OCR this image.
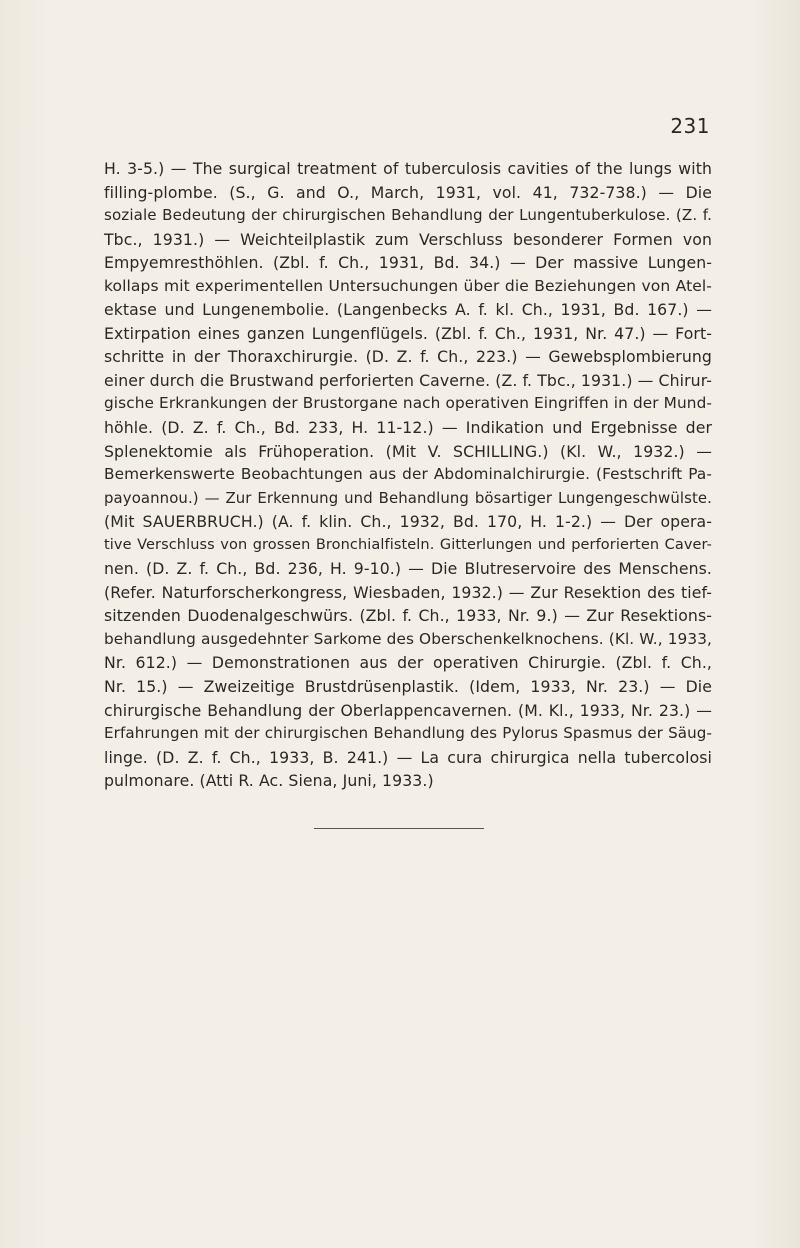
231
H. 3-5.) — The surgical treatment of tuberculosis cavities of the lungs with
filling-plombe. (S., G. and O., March, 1931, vol. 41, 732-738.) — Die
soziale Bedeutung der chirurgischen Behandlung der Lungentuberkulose. (Z. f.
Tbc., 1931.) — Weichteilplastik zum Verschluss besonderer Formen von
Empyemresthöhlen. (Zbl. f. Ch., 1931, Bd. 34.) — Der massive Lungen-
kollaps mit experimentellen Untersuchungen über die Beziehungen von Atel-
ektase und Lungenembolie. (Langenbecks A. f. kl. Ch., 1931, Bd. 167.) —
Extirpation eines ganzen Lungenflügels. (Zbl. f. Ch., 1931, Nr. 47.) — Fort-
schritte in der Thoraxchirurgie. (D. Z. f. Ch., 223.) — Gewebsplombierung
einer durch die Brustwand perforierten Caverne. (Z. f. Tbc., 1931.) — Chirur-
gische Erkrankungen der Brustorgane nach operativen Eingriffen in der Mund-
höhle. (D. Z. f. Ch., Bd. 233, H. 11-12.) — Indikation und Ergebnisse der
Splenektomie als Frühoperation. (Mit V. SCHILLING.) (Kl. W., 1932.) —
Bemerkenswerte Beobachtungen aus der Abdominalchirurgie. (Festschrift Pa-
payoannou.) — Zur Erkennung und Behandlung bösartiger Lungengeschwülste.
(Mit SAUERBRUCH.) (A. f. klin. Ch., 1932, Bd. 170, H. 1-2.) — Der opera-
tive Verschluss von grossen Bronchialfisteln. Gitterlungen und perforierten Caver-
nen. (D. Z. f. Ch., Bd. 236, H. 9-10.) — Die Blutreservoire des Menschens.
(Refer. Naturforscherkongress, Wiesbaden, 1932.) — Zur Resektion des tief-
sitzenden Duodenalgeschwürs. (Zbl. f. Ch., 1933, Nr. 9.) — Zur Resektions-
behandlung ausgedehnter Sarkome des Oberschenkelknochens. (Kl. W., 1933,
Nr. 612.) — Demonstrationen aus der operativen Chirurgie. (Zbl. f. Ch.,
Nr. 15.) — Zweizeitige Brustdrüsenplastik. (Idem, 1933, Nr. 23.) — Die
chirurgische Behandlung der Oberlappencavernen. (M. Kl., 1933, Nr. 23.) —
Erfahrungen mit der chirurgischen Behandlung des Pylorus Spasmus der Säug-
linge. (D. Z. f. Ch., 1933, B. 241.) — La cura chirurgica nella tubercolosi
pulmonare. (Atti R. Ac. Siena, Juni, 1933.)
